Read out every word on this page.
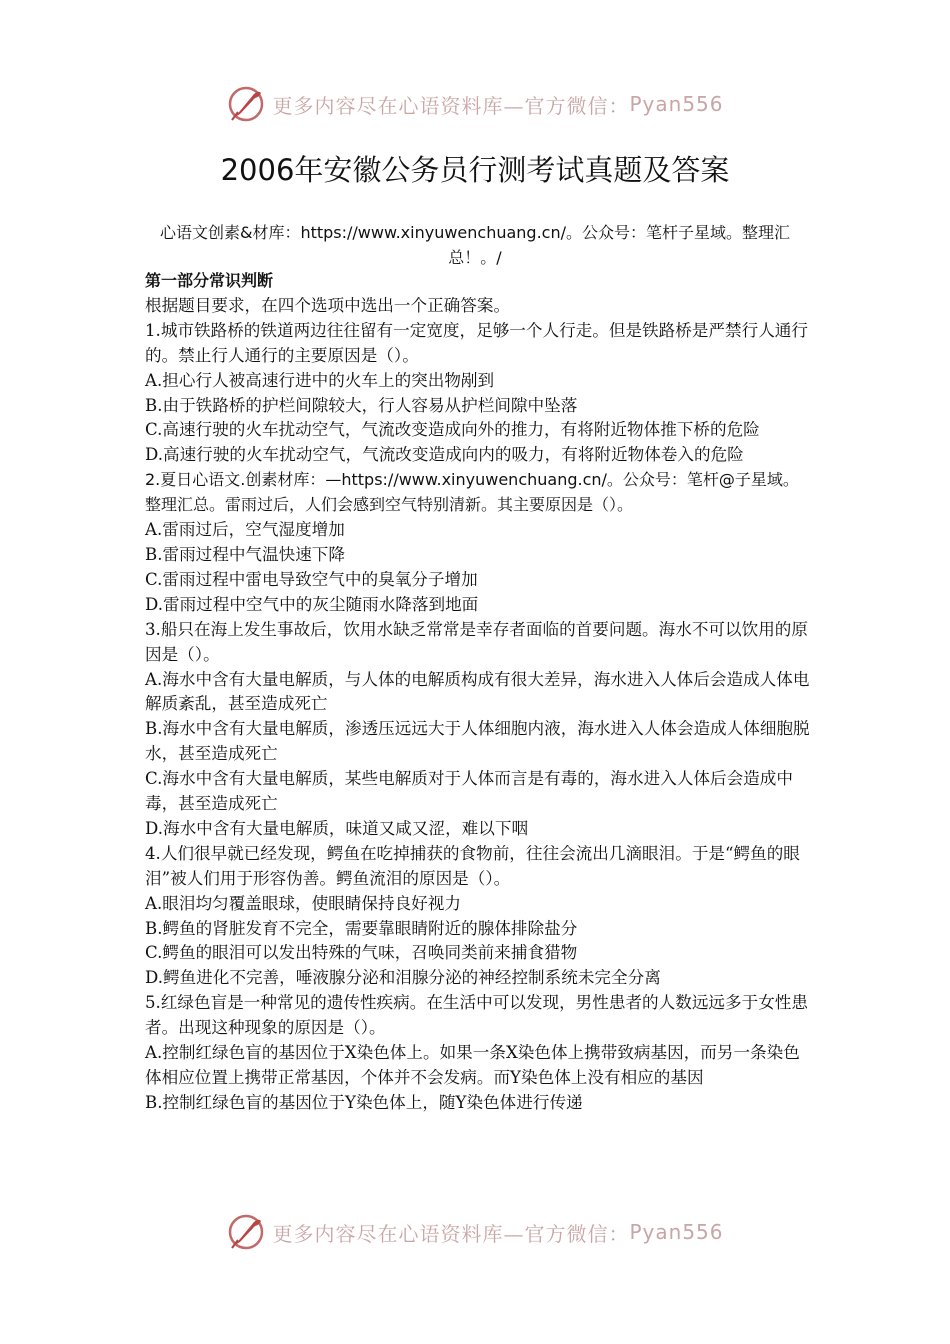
更多内容尽在心语资料库—官方微信： Pyan556
2006年安徽公务员行测考试真题及答案
心语文创素&材库：https://www.xinyuwenchuang.cn/。公众号：笔杆子星域。整理汇总！。/

第一部分常识判断

根据题目要求，在四个选项中选出一个正确答案。

1.城市铁路桥的铁道两边往往留有一定宽度，足够一个人行走。但是铁路桥是严禁行人通行的。禁止行人通行的主要原因是（）。

A.担心行人被高速行进中的火车上的突出物剐到

B.由于铁路桥的护栏间隙较大，行人容易从护栏间隙中坠落

C.高速行驶的火车扰动空气，气流改变造成向外的推力，有将附近物体推下桥的危险

D.高速行驶的火车扰动空气，气流改变造成向内的吸力，有将附近物体卷入的危险

2.夏日心语文.创素材库：—https://www.xinyuwenchuang.cn/。公众号：笔杆@子星域。整理汇总。雷雨过后，人们会感到空气特别清新。其主要原因是（）。

A.雷雨过后，空气湿度增加

B.雷雨过程中气温快速下降

C.雷雨过程中雷电导致空气中的臭氧分子增加

D.雷雨过程中空气中的灰尘随雨水降落到地面

3.船只在海上发生事故后，饮用水缺乏常常是幸存者面临的首要问题。海水不可以饮用的原因是（）。

A.海水中含有大量电解质，与人体的电解质构成有很大差异，海水进入人体后会造成人体电解质紊乱，甚至造成死亡

B.海水中含有大量电解质，渗透压远远大于人体细胞内液，海水进入人体会造成人体细胞脱水，甚至造成死亡

C.海水中含有大量电解质，某些电解质对于人体而言是有毒的，海水进入人体后会造成中毒，甚至造成死亡

D.海水中含有大量电解质，味道又咸又涩，难以下咽

4.人们很早就已经发现，鳄鱼在吃掉捕获的食物前，往往会流出几滴眼泪。于是“鳄鱼的眼泪”被人们用于形容伪善。鳄鱼流泪的原因是（）。

A.眼泪均匀覆盖眼球，使眼睛保持良好视力

B.鳄鱼的肾脏发育不完全，需要靠眼睛附近的腺体排除盐分

C.鳄鱼的眼泪可以发出特殊的气味，召唤同类前来捕食猎物

D.鳄鱼进化不完善，唾液腺分泌和泪腺分泌的神经控制系统未完全分离

5.红绿色盲是一种常见的遗传性疾病。在生活中可以发现，男性患者的人数远远多于女性患者。出现这种现象的原因是（）。

A.控制红绿色盲的基因位于X染色体上。如果一条X染色体上携带致病基因，而另一条染色体相应位置上携带正常基因，个体并不会发病。而Y染色体上没有相应的基因

B.控制红绿色盲的基因位于Y染色体上，随Y染色体进行传递

更多内容尽在心语资料库—官方微信： Pyan556
